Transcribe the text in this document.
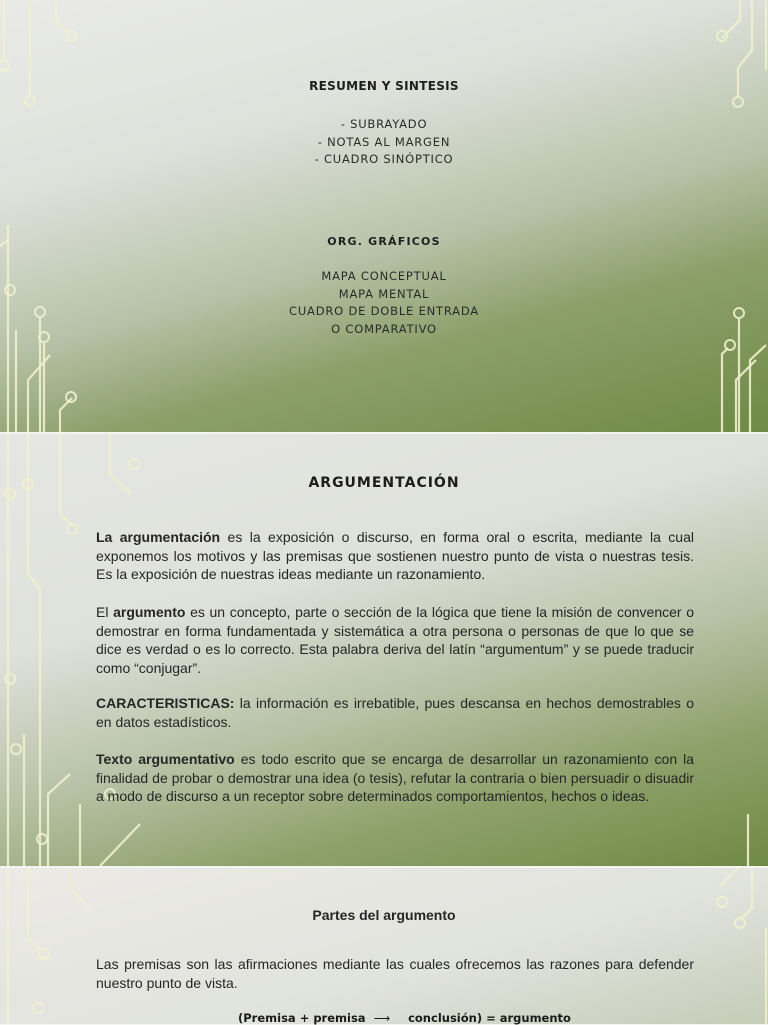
RESUMEN Y SINTESIS
- SUBRAYADO
- NOTAS AL MARGEN
- CUADRO SINÓPTICO
ORG. GRÁFICOS
MAPA CONCEPTUAL
MAPA MENTAL
CUADRO DE DOBLE ENTRADA
O COMPARATIVO
ARGUMENTACIÓN
La argumentación es la exposición o discurso, en forma oral o escrita, mediante la cual exponemos los motivos y las premisas que sostienen nuestro punto de vista o nuestras tesis. Es la exposición de nuestras ideas mediante un razonamiento.
El argumento es un concepto, parte o sección de la lógica que tiene la misión de convencer o demostrar en forma fundamentada y sistemática a otra persona o personas de que lo que se dice es verdad o es lo correcto. Esta palabra deriva del latín “argumentum” y se puede traducir como “conjugar”.
CARACTERISTICAS: la información es irrebatible, pues descansa en hechos demostrables o en datos estadísticos.
Texto argumentativo es todo escrito que se encarga de desarrollar un razonamiento con la finalidad de probar o demostrar una idea (o tesis), refutar la contraria o bien persuadir o disuadir a modo de discurso a un receptor sobre determinados comportamientos, hechos o ideas.
Partes del argumento
Las premisas son las afirmaciones mediante las cuales ofrecemos las razones para defender nuestro punto de vista.
(Premisa + premisa ⟶ conclusión) = argumento
